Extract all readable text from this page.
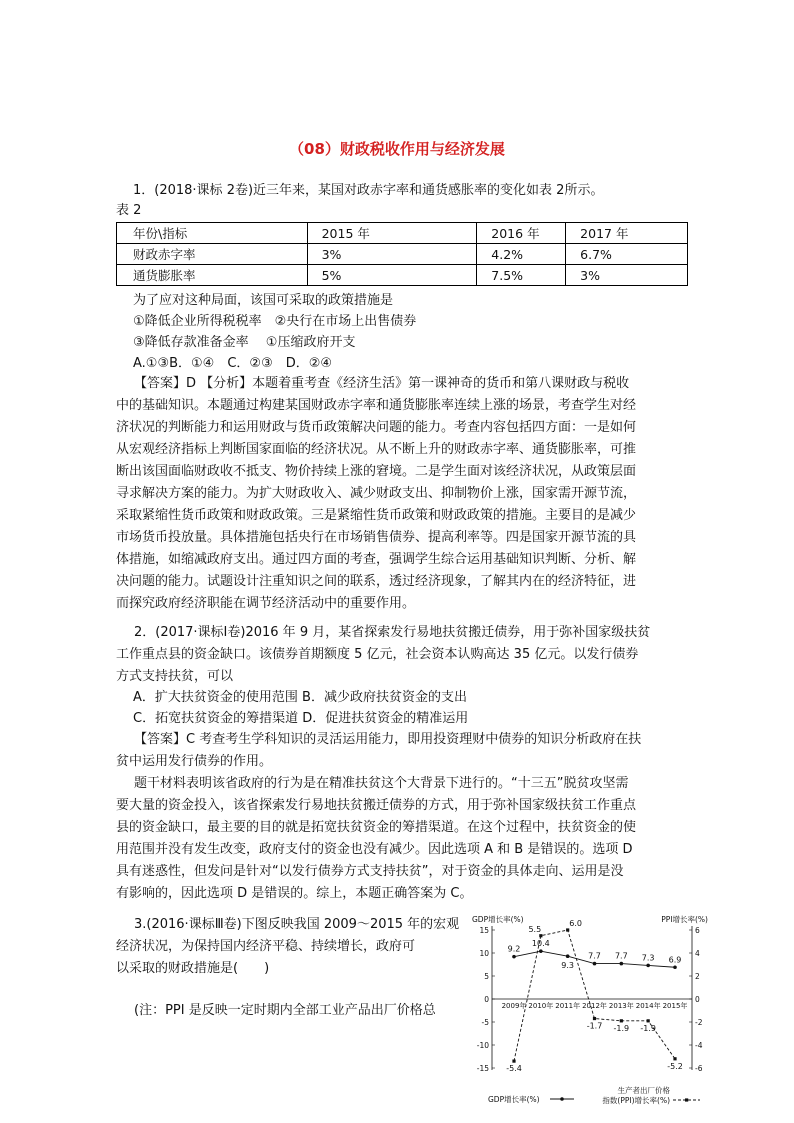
（08）财政税收作用与经济发展
1．(2018·课标 2卷)近三年来，某国对政赤字率和通货感胀率的变化如表 2所示。
表 2
年份\指标	2015 年	2016 年	2017 年
财政赤字率	3%	4.2%	6.7%
通货膨胀率	5%	7.5%	3%
为了应对这种局面，该国可采取的政策措施是
①降低企业所得税税率　②央行在市场上出售债券
③降低存款准备金率　 ①压缩政府开支
A.①③B．①④　C．②③　D．②④
【答案】D 【分析】本题着重考查《经济生活》第一课神奇的货币和第八课财政与税收
中的基础知识。本题通过构建某国财政赤字率和通货膨胀率连续上涨的场景，考查学生对经
济状况的判断能力和运用财政与货币政策解决问题的能力。考查内容包括四方面：一是如何
从宏观经济指标上判断国家面临的经济状况。从不断上升的财政赤字率、通货膨胀率，可推
断出该国面临财政收不抵支、物价持续上涨的窘境。二是学生面对该经济状况，从政策层面
寻求解决方案的能力。为扩大财政收入、减少财政支出、抑制物价上涨，国家需开源节流，
采取紧缩性货币政策和财政政策。三是紧缩性货币政策和财政政策的措施。主要目的是减少
市场货币投放量。具体措施包括央行在市场销售债券、提高利率等。四是国家开源节流的具
体措施，如缩减政府支出。通过四方面的考查，强调学生综合运用基础知识判断、分析、解
决问题的能力。试题设计注重知识之间的联系，透过经济现象，了解其内在的经济特征，进
而探究政府经济职能在调节经济活动中的重要作用。
2．(2017·课标Ⅰ卷)2016 年 9 月，某省探索发行易地扶贫搬迁债券，用于弥补国家级扶贫
工作重点县的资金缺口。该债券首期额度 5 亿元，社会资本认购高达 35 亿元。以发行债券
方式支持扶贫，可以
A．扩大扶贫资金的使用范围 B．减少政府扶贫资金的支出
C．拓宽扶贫资金的筹措渠道 D．促进扶贫资金的精准运用
【答案】C 考查考生学科知识的灵活运用能力，即用投资理财中债券的知识分析政府在扶
贫中运用发行债券的作用。
题干材料表明该省政府的行为是在精准扶贫这个大背景下进行的。“十三五”脱贫攻坚需
要大量的资金投入，该省探索发行易地扶贫搬迁债券的方式，用于弥补国家级扶贫工作重点
县的资金缺口，最主要的目的就是拓宽扶贫资金的筹措渠道。在这个过程中，扶贫资金的使
用范围并没有发生改变，政府支付的资金也没有减少。因此选项 A 和 B 是错误的。选项 D
具有迷惑性，但发问是针对“以发行债券方式支持扶贫”，对于资金的具体走向、运用是没
有影响的，因此选项 D 是错误的。综上，本题正确答案为 C。
3.(2016·课标Ⅲ卷)下图反映我国 2009～2015 年的宏观
经济状况，为保持国内经济平稳、持续增长，政府可
以采取的财政措施是(　　)
(注：PPI 是反映一定时期内全部工业产品出厂价格总
GDP增长率(%)	PPI增长率(%)
15
10
5
0
-5
-10
-15
6
4
2
0
-2
-4
-6
2009年 2010年 2011年 2012年 2013年 2014年 2015年
9.2
10.4
9.3
7.7 7.7 7.3 6.9
-5.4
5.5
6.0
-1.7 -1.9 -1.9
-5.2
GDP增长率(%)
生产者出厂价格
指数(PPI)增长率(%)
